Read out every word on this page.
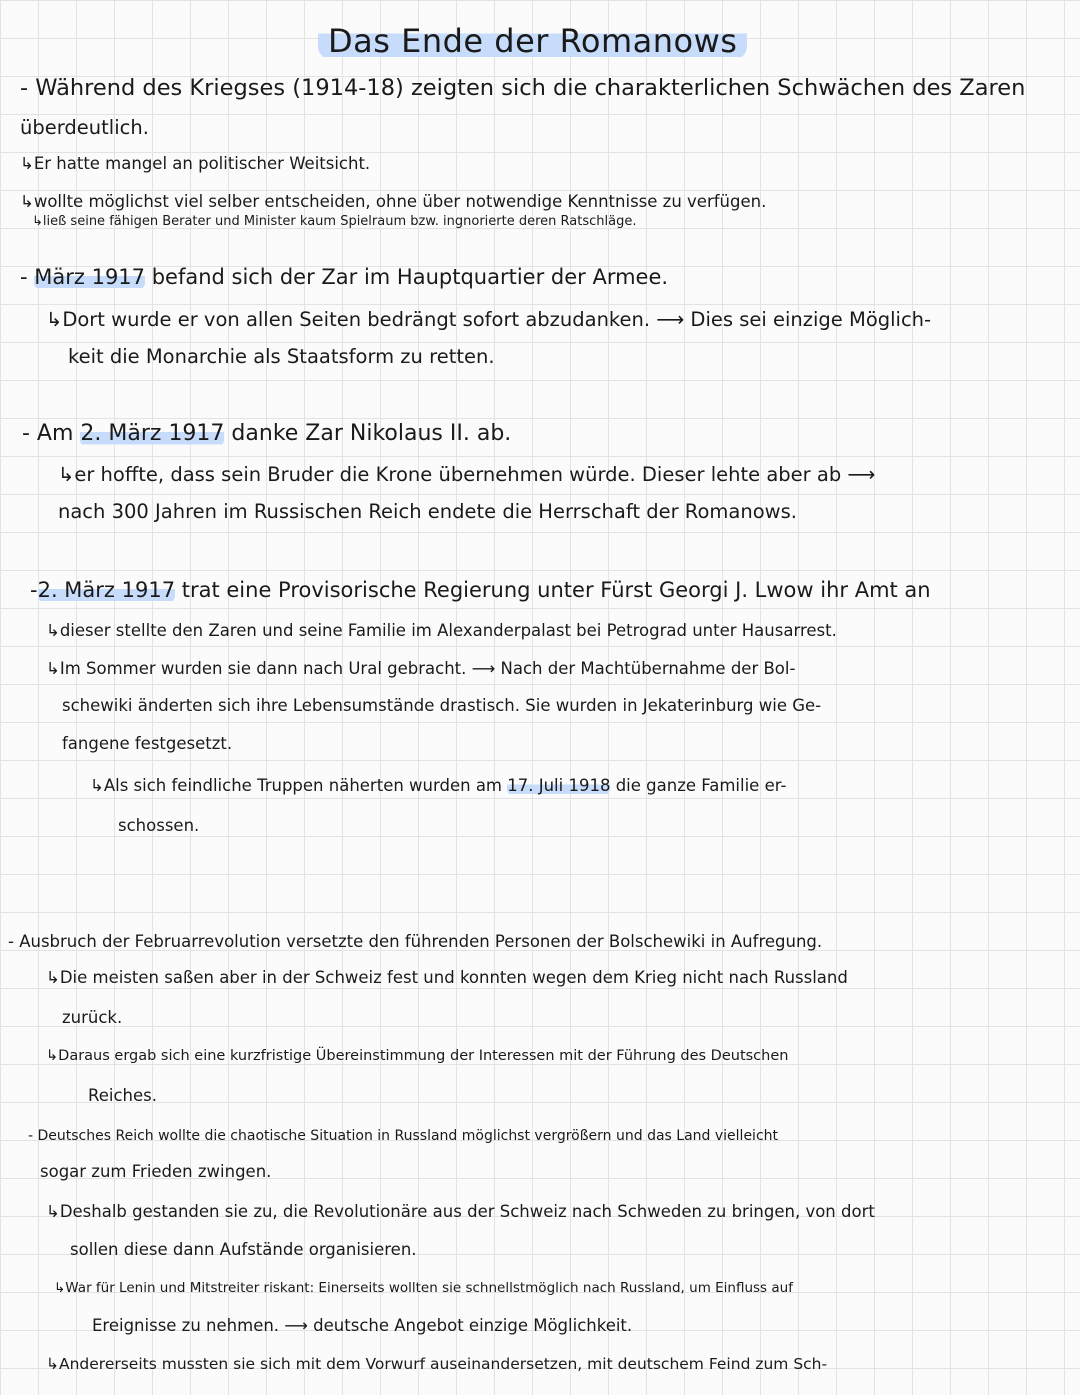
Das Ende der Romanows
- Während des Kriegses (1914-18) zeigten sich die charakterlichen Schwächen des Zaren
überdeutlich.
↳Er hatte mangel an politischer Weitsicht.
↳wollte möglichst viel selber entscheiden, ohne über notwendige Kenntnisse zu verfügen.
↳ließ seine fähigen Berater und Minister kaum Spielraum bzw. ingnorierte deren Ratschläge.
- März 1917 befand sich der Zar im Hauptquartier der Armee.
↳Dort wurde er von allen Seiten bedrängt sofort abzudanken. ⟶ Dies sei einzige Möglich-
keit die Monarchie als Staatsform zu retten.
- Am 2. März 1917 danke Zar Nikolaus II. ab.
↳er hoffte, dass sein Bruder die Krone übernehmen würde. Dieser lehte aber ab ⟶
nach 300 Jahren im Russischen Reich endete die Herrschaft der Romanows.
-2. März 1917 trat eine Provisorische Regierung unter Fürst Georgi J. Lwow ihr Amt an
↳dieser stellte den Zaren und seine Familie im Alexanderpalast bei Petrograd unter Hausarrest.
↳Im Sommer wurden sie dann nach Ural gebracht. ⟶ Nach der Machtübernahme der Bol-
schewiki änderten sich ihre Lebensumstände drastisch. Sie wurden in Jekaterinburg wie Ge-
fangene festgesetzt.
↳Als sich feindliche Truppen näherten wurden am 17. Juli 1918 die ganze Familie er-
schossen.
- Ausbruch der Februarrevolution versetzte den führenden Personen der Bolschewiki in Aufregung.
↳Die meisten saßen aber in der Schweiz fest und konnten wegen dem Krieg nicht nach Russland
zurück.
↳Daraus ergab sich eine kurzfristige Übereinstimmung der Interessen mit der Führung des Deutschen
Reiches.
- Deutsches Reich wollte die chaotische Situation in Russland möglichst vergrößern und das Land vielleicht
sogar zum Frieden zwingen.
↳Deshalb gestanden sie zu, die Revolutionäre aus der Schweiz nach Schweden zu bringen, von dort
sollen diese dann Aufstände organisieren.
↳War für Lenin und Mitstreiter riskant: Einerseits wollten sie schnellstmöglich nach Russland, um Einfluss auf
Ereignisse zu nehmen. ⟶ deutsche Angebot einzige Möglichkeit.
↳Andererseits mussten sie sich mit dem Vorwurf auseinandersetzen, mit deutschem Feind zum Sch-
